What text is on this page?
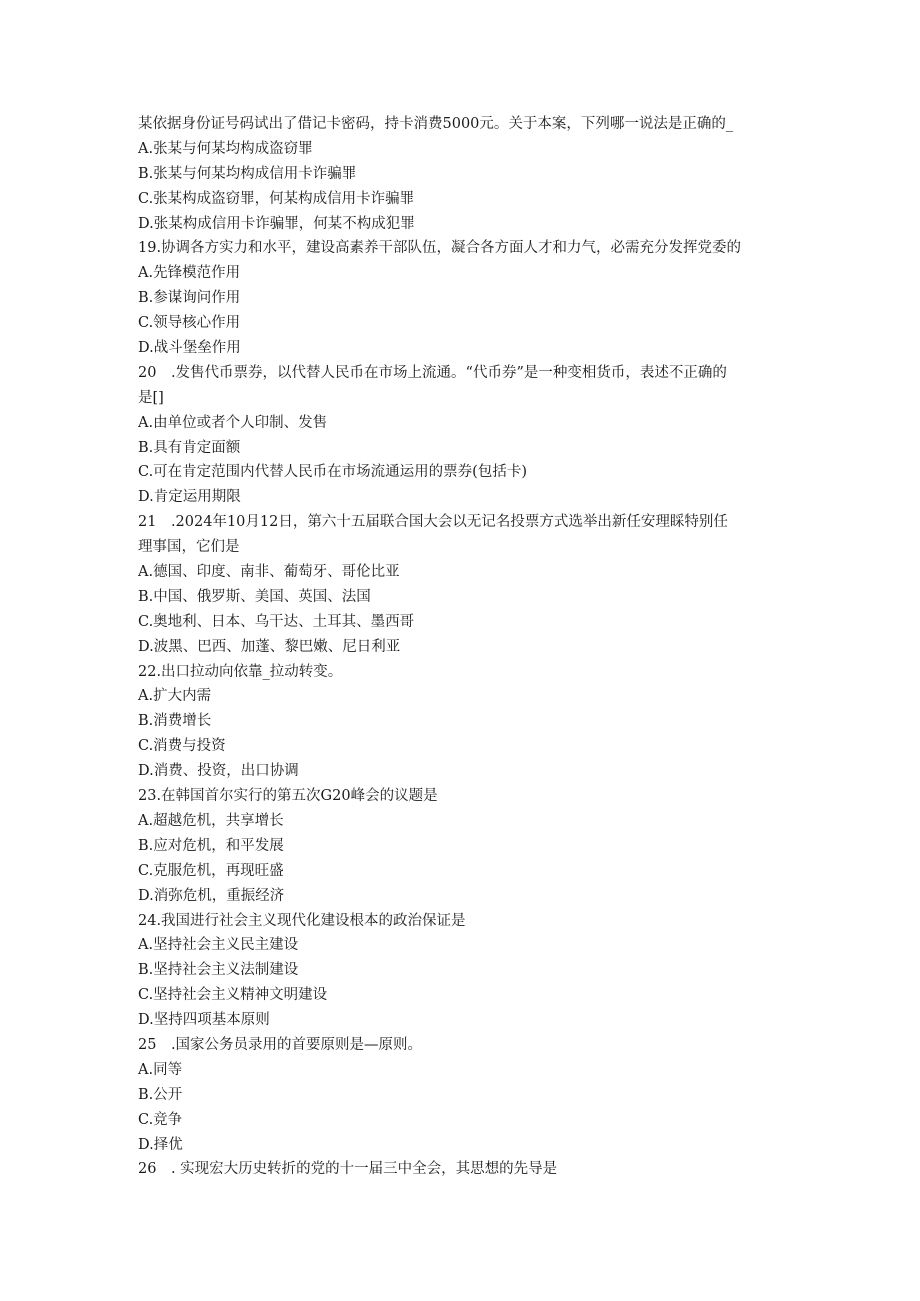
某依据身份证号码试出了借记卡密码，持卡消费5000元。关于本案，下列哪一说法是正确的_
A.张某与何某均构成盗窃罪
B.张某与何某均构成信用卡诈骗罪
C.张某构成盗窃罪，何某构成信用卡诈骗罪
D.张某构成信用卡诈骗罪，何某不构成犯罪
19.协调各方实力和水平，建设高素养干部队伍，凝合各方面人才和力气，必需充分发挥党委的
A.先锋模范作用
B.参谋询问作用
C.领导核心作用
D.战斗堡垒作用
20　.发售代币票券，以代替人民币在市场上流通。“代币券”是一种变相货币，表述不正确的
是[]
A.由单位或者个人印制、发售
B.具有肯定面额
C.可在肯定范围内代替人民币在市场流通运用的票券(包括卡)
D.肯定运用期限
21　.2024年10月12日，第六十五届联合国大会以无记名投票方式选举出新任安理睬特别任
理事国，它们是
A.德国、印度、南非、葡萄牙、哥伦比亚
B.中国、俄罗斯、美国、英国、法国
C.奥地利、日本、乌干达、土耳其、墨西哥
D.波黑、巴西、加蓬、黎巴嫩、尼日利亚
22.出口拉动向依靠_拉动转变。
A.扩大内需
B.消费增长
C.消费与投资
D.消费、投资，出口协调
23.在韩国首尔实行的第五次G20峰会的议题是
A.超越危机，共享增长
B.应对危机，和平发展
C.克服危机，再现旺盛
D.消弥危机，重振经济
24.我国进行社会主义现代化建设根本的政治保证是
A.坚持社会主义民主建设
B.坚持社会主义法制建设
C.坚持社会主义精神文明建设
D.坚持四项基本原则
25　.国家公务员录用的首要原则是—原则。
A.同等
B.公开
C.竞争
D.择优
26　. 实现宏大历史转折的党的十一届三中全会，其思想的先导是
